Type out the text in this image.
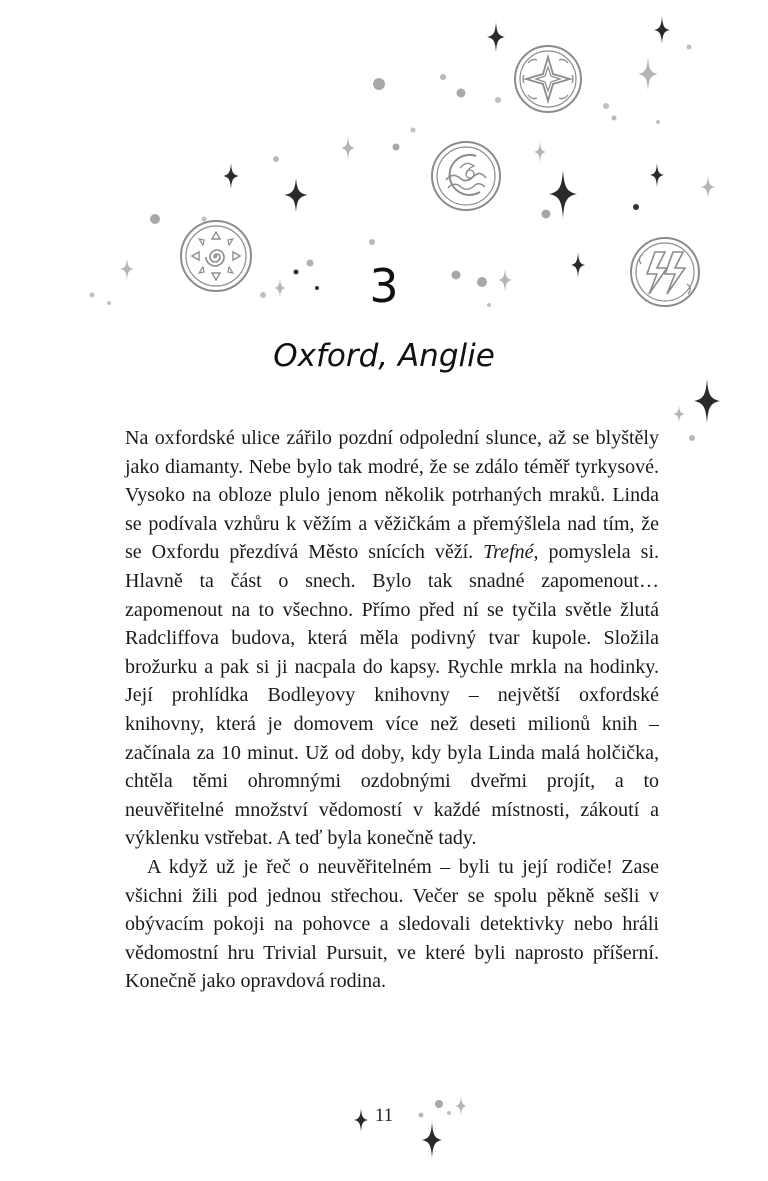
3
Oxford, Anglie

Na oxfordské ulice zářilo pozdní odpolední slunce, až se blyštěly jako diamanty. Nebe bylo tak modré, že se zdálo téměř tyrkysové. Vysoko na obloze plulo jenom několik potrhaných mraků. Linda se podívala vzhůru k věžím a věžičkám a přemýšlela nad tím, že se Oxfordu přezdívá Město snících věží. Trefné, pomyslela si. Hlavně ta část o snech. Bylo tak snadné zapomenout… zapomenout na to všechno. Přímo před ní se tyčila světle žlutá Radcliffova budova, která měla podivný tvar kupole. Složila brožurku a pak si ji nacpala do kapsy. Rychle mrkla na hodinky. Její prohlídka Bodleyovy knihovny – největší oxfordské knihovny, která je domovem více než deseti milionů knih – začínala za 10 minut. Už od doby, kdy byla Linda malá holčička, chtěla těmi ohromnými ozdobnými dveřmi projít, a to neuvěřitelné množství vědomostí v každé místnosti, zákoutí a výklenku vstřebat. A teď byla konečně tady.

A když už je řeč o neuvěřitelném – byli tu její rodiče! Zase všichni žili pod jednou střechou. Večer se spolu pěkně sešli v obývacím pokoji na pohovce a sledovali detektivky nebo hráli vědomostní hru Trivial Pursuit, ve které byli naprosto příšerní. Konečně jako opravdová rodina.

11
